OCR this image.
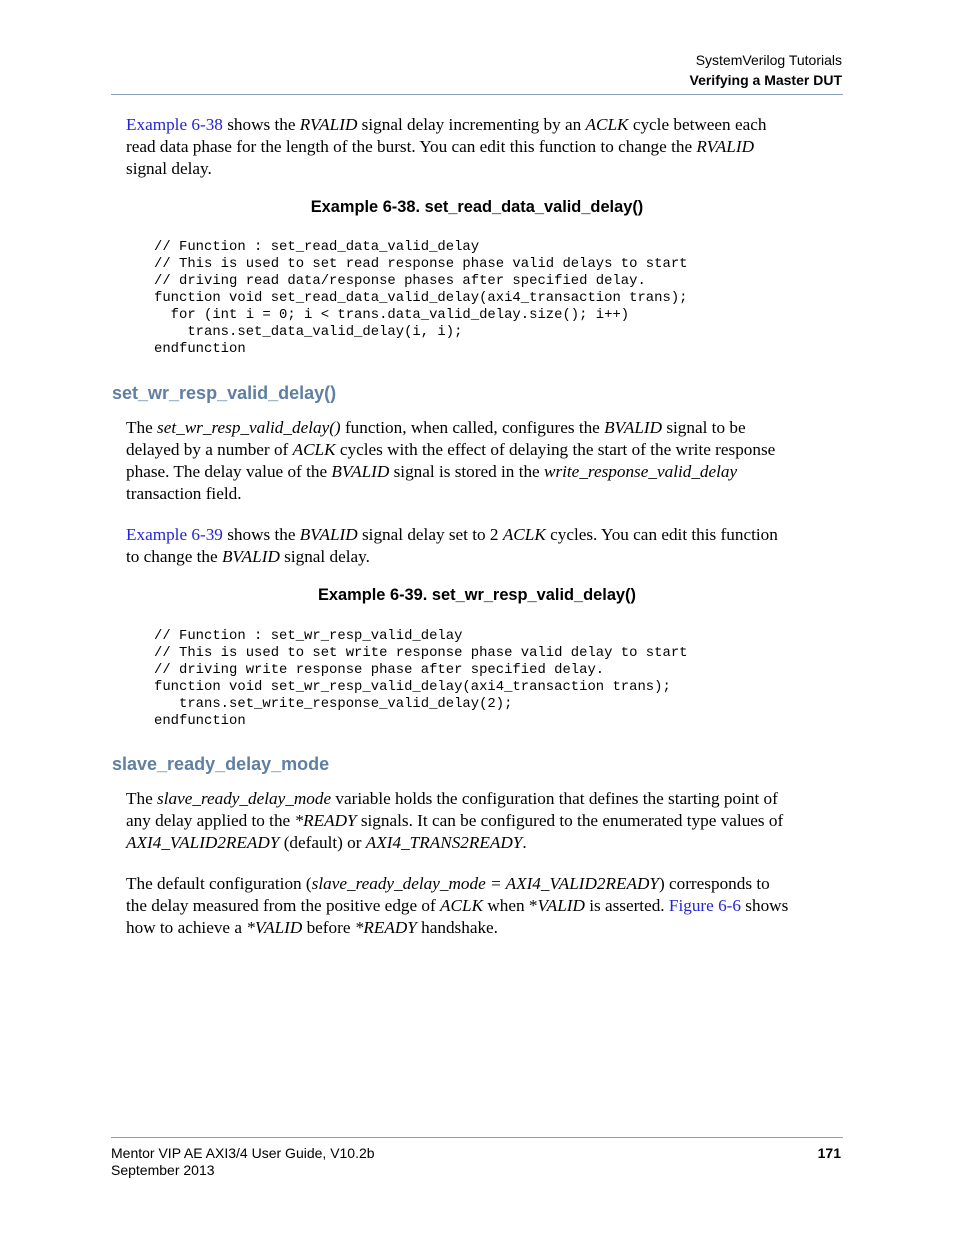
SystemVerilog Tutorials
Verifying a Master DUT

Example 6-38 shows the RVALID signal delay incrementing by an ACLK cycle between each
read data phase for the length of the burst. You can edit this function to change the RVALID
signal delay.

Example 6-38. set_read_data_valid_delay()
// Function : set_read_data_valid_delay
// This is used to set read response phase valid delays to start
// driving read data/response phases after specified delay.
function void set_read_data_valid_delay(axi4_transaction trans);
for (int i = 0; i < trans.data_valid_delay.size(); i++)
trans.set_data_valid_delay(i, i);
endfunction
set_wr_resp_valid_delay()

The set_wr_resp_valid_delay() function, when called, configures the BVALID signal to be
delayed by a number of ACLK cycles with the effect of delaying the start of the write response
phase. The delay value of the BVALID signal is stored in the write_response_valid_delay
transaction field.

Example 6-39 shows the BVALID signal delay set to 2 ACLK cycles. You can edit this function
to change the BVALID signal delay.

Example 6-39. set_wr_resp_valid_delay()
// Function : set_wr_resp_valid_delay
// This is used to set write response phase valid delay to start
// driving write response phase after specified delay.
function void set_wr_resp_valid_delay(axi4_transaction trans);
trans.set_write_response_valid_delay(2);
endfunction
slave_ready_delay_mode

The slave_ready_delay_mode variable holds the configuration that defines the starting point of
any delay applied to the *READY signals. It can be configured to the enumerated type values of
AXI4_VALID2READY (default) or AXI4_TRANS2READY.

The default configuration (slave_ready_delay_mode = AXI4_VALID2READY) corresponds to
the delay measured from the positive edge of ACLK when *VALID is asserted. Figure 6-6 shows
how to achieve a *VALID before *READY handshake.

Mentor VIP AE AXI3/4 User Guide, V10.2b
September 2013
171
